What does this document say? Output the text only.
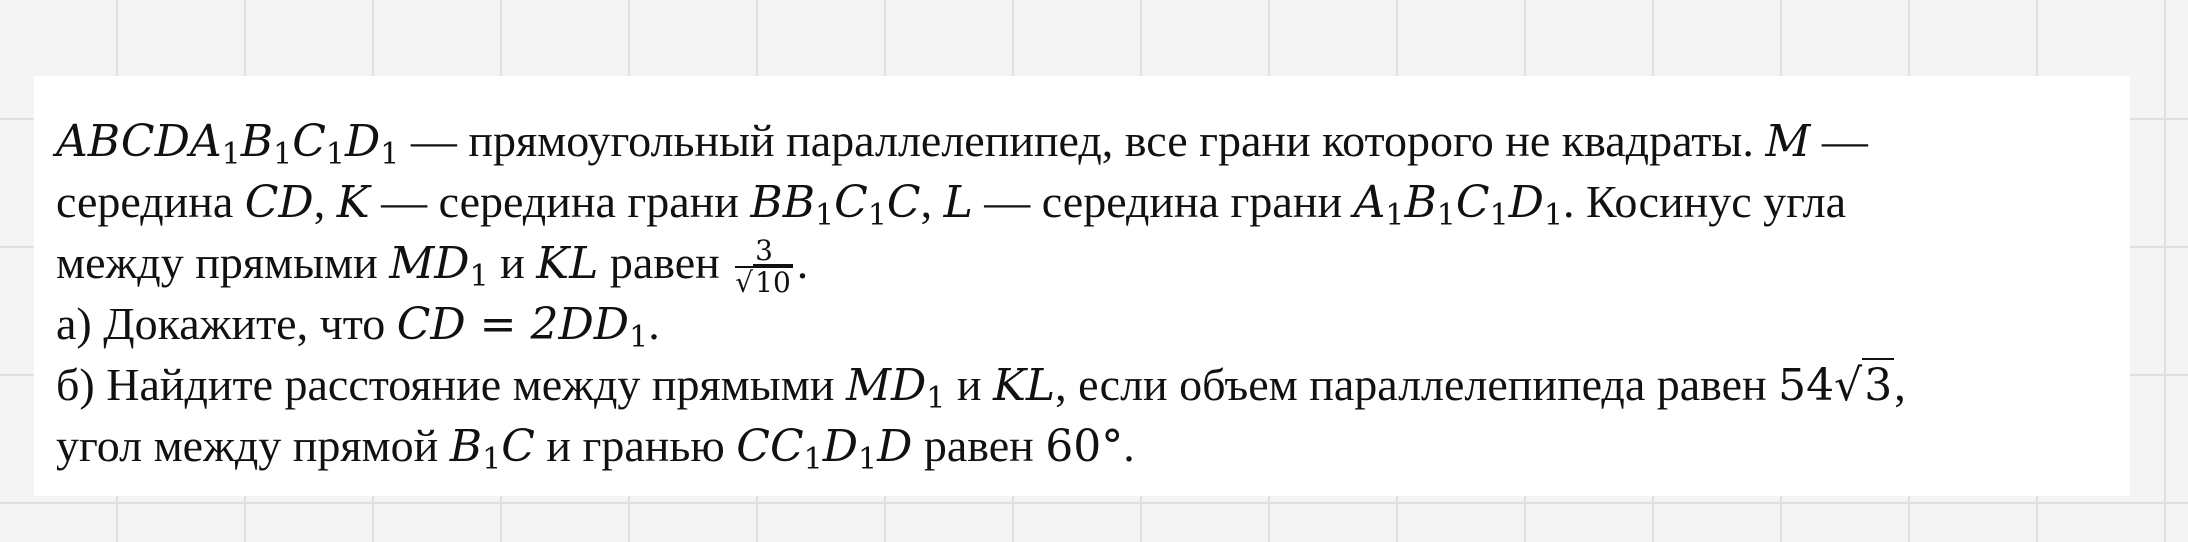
$ABCDA_1B_1C_1D_1$ — прямоугольный параллелепипед, все грани которого не квадраты. M —
середина CD, K — середина грани $BB_1C_1C$, L — середина грани $A_1B_1C_1D_1$. Косинус угла
между прямыми $MD_1$ и KL равен $\frac{3}{√10}$ .
а) Докажите, что CD = $2DD_1$.
б) Найдите расстояние между прямыми $MD_1$ и KL, если объем параллелепипеда равен 54√3,
угол между прямой $B_1C$ и гранью $CC_1D_1D$ равен 60°.
